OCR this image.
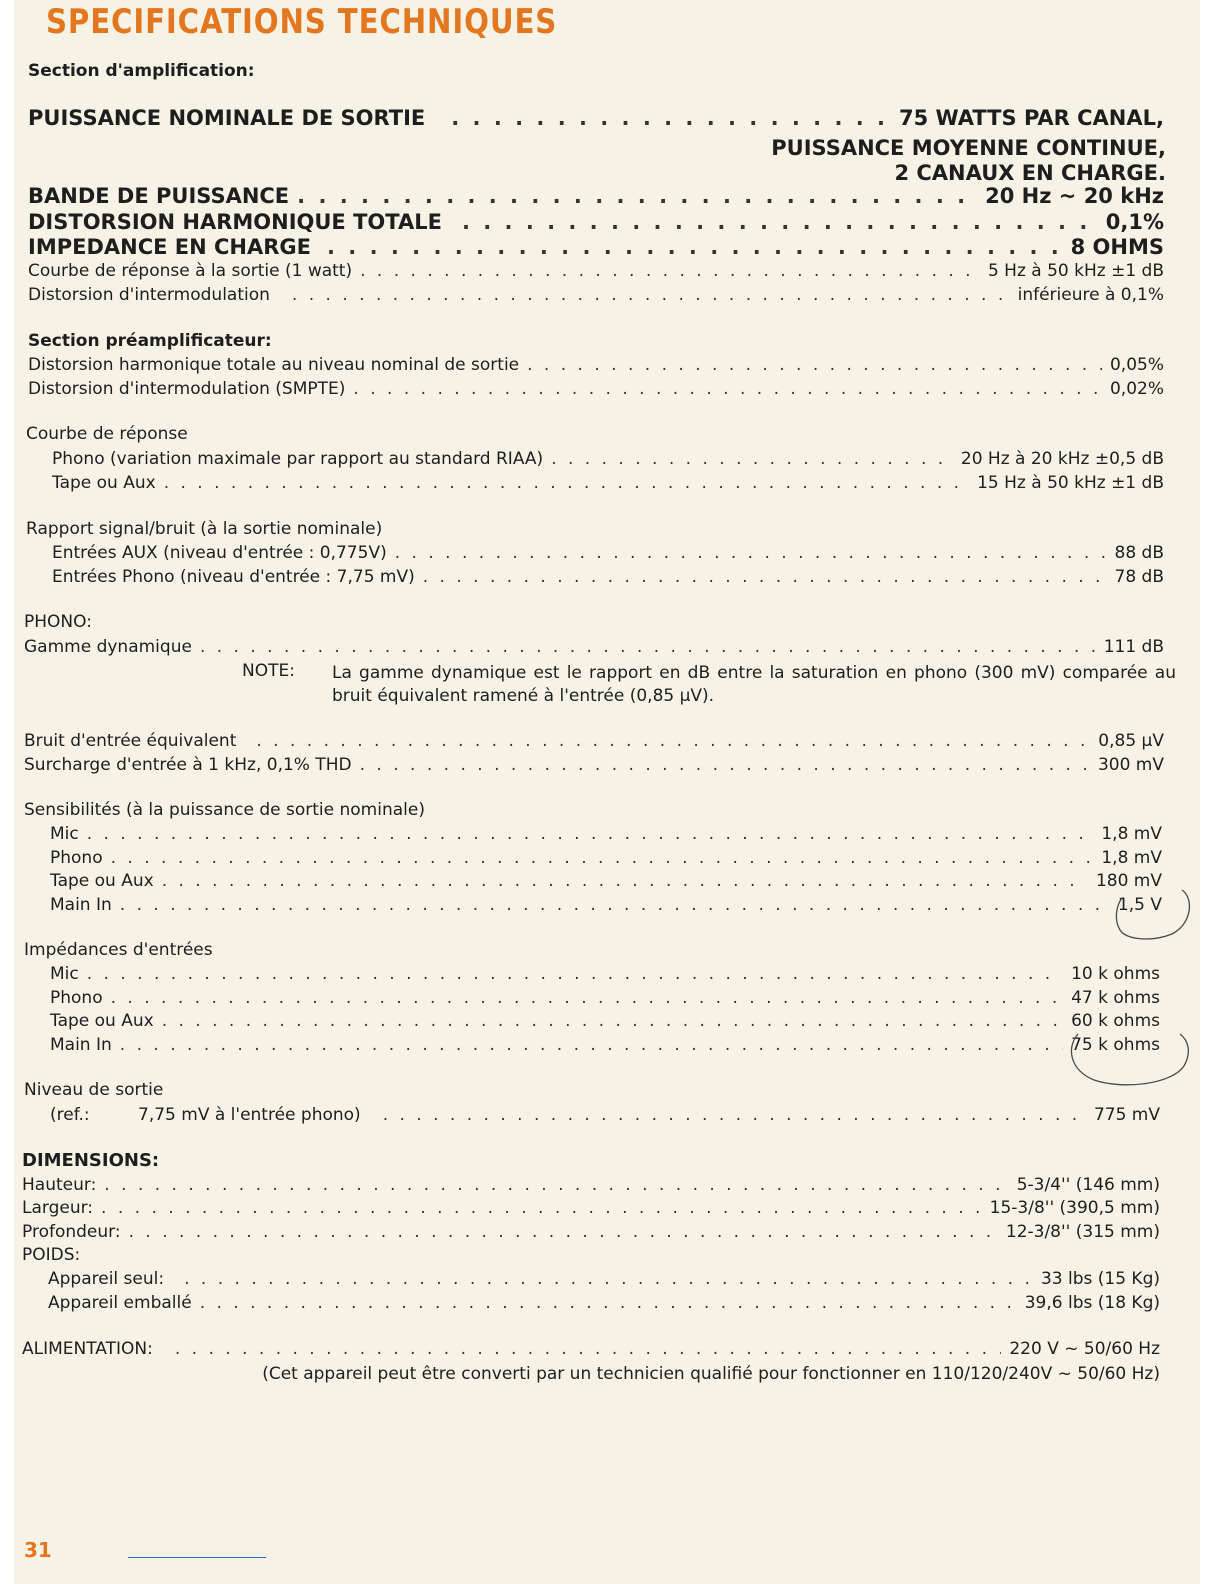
SPECIFICATIONS TECHNIQUES
Section d'amplification:
PUISSANCE NOMINALE DE SORTIE . . .	75 WATTS PAR CANAL,
PUISSANCE MOYENNE CONTINUE,
2 CANAUX EN CHARGE.
BANDE DE PUISSANCE . . .	20 Hz ~ 20 kHz
DISTORSION HARMONIQUE TOTALE . . .	0,1%
IMPEDANCE EN CHARGE . . .	8 OHMS
Courbe de réponse à la sortie (1 watt) . . .	5 Hz à 50 kHz ±1 dB
Distorsion d'intermodulation . . .	inférieure à 0,1%
Section préamplificateur:
Distorsion harmonique totale au niveau nominal de sortie . . .	0,05%
Distorsion d'intermodulation (SMPTE) . . .	0,02%
Courbe de réponse
Phono (variation maximale par rapport au standard RIAA) . . .	20 Hz à 20 kHz ±0,5 dB
Tape ou Aux . . .	15 Hz à 50 kHz ±1 dB
Rapport signal/bruit (à la sortie nominale)
Entrées AUX (niveau d'entrée : 0,775V) . . .	88 dB
Entrées Phono (niveau d'entrée : 7,75 mV) . . .	78 dB
PHONO:
Gamme dynamique . . .	111 dB
NOTE: La gamme dynamique est le rapport en dB entre la saturation en phono (300 mV) comparée au
bruit équivalent ramené à l'entrée (0,85 µV).
Bruit d'entrée équivalent . . .	0,85 µV
Surcharge d'entrée à 1 kHz, 0,1% THD . . .	300 mV
Sensibilités (à la puissance de sortie nominale)
Mic . . .	1,8 mV
Phono . . .	1,8 mV
Tape ou Aux . . .	180 mV
Main In . . .	1,5 V
Impédances d'entrées
Mic . . .	10 k ohms
Phono . . .	47 k ohms
Tape ou Aux . . .	60 k ohms
Main In . . .	75 k ohms
Niveau de sortie
(ref.:	7,75 mV à l'entrée phono) . . .	775 mV
DIMENSIONS:
Hauteur: . . .	5-3/4'' (146 mm)
Largeur: . . .	15-3/8'' (390,5 mm)
Profondeur: . . .	12-3/8'' (315 mm)
POIDS:
Appareil seul: . . .	33 lbs (15 Kg)
Appareil emballé . . .	39,6 lbs (18 Kg)
ALIMENTATION: . . .	220 V ~ 50/60 Hz
(Cet appareil peut être converti par un technicien qualifié pour fonctionner en 110/120/240V ~ 50/60 Hz)
31
